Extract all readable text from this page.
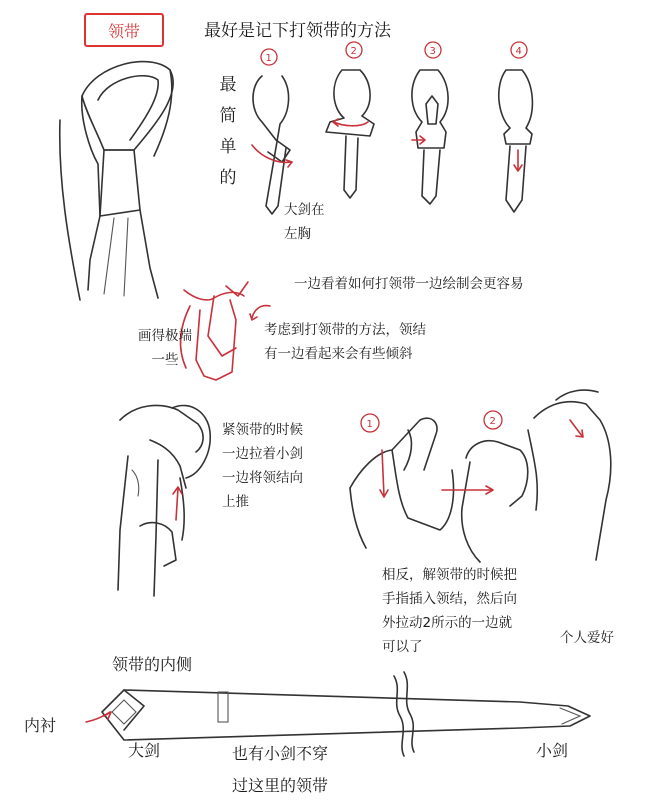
1
2	3	4
1	2
领带	最好是记下打领带的方法
最
简
单
的
大剑在
左胸
一边看着如何打领带一边绘制会更容易
画得极端
一些
考虑到打领带的方法，领结
有一边看起来会有些倾斜
紧领带的时候
一边拉着小剑
一边将领结向
上推
相反，解领带的时候把
手指插入领结，然后向
外拉动2所示的一边就
可以了
个人爱好
领带的内侧
内衬
大剑	也有小剑不穿
过这里的领带
小剑
